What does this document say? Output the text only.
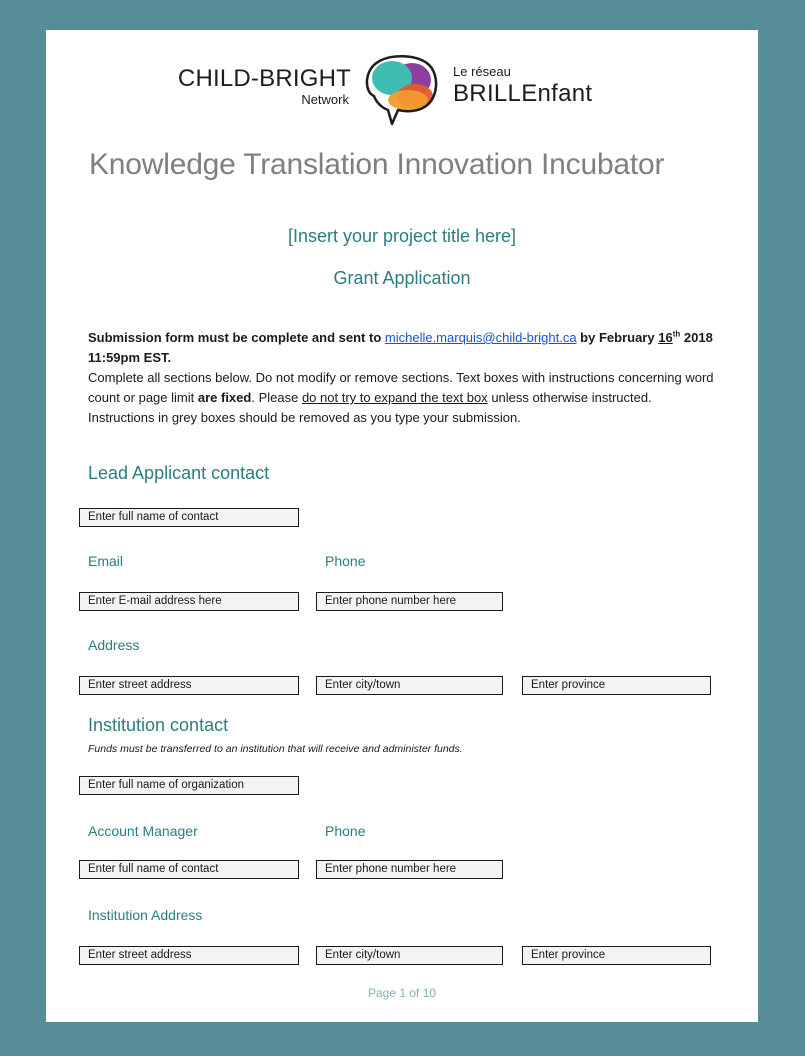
CHILD-BRIGHT
Network
Le réseau
BRILLEnfant
Knowledge Translation Innovation Incubator
[Insert your project title here]
Grant Application
Submission form must be complete and sent to michelle.marquis@child-bright.ca by February 16th 2018 11:59pm EST.
Complete all sections below. Do not modify or remove sections. Text boxes with instructions concerning word count or page limit are fixed. Please do not try to expand the text box unless otherwise instructed. Instructions in grey boxes should be removed as you type your submission.
Lead Applicant contact
Enter full name of contact
Email	Phone
Enter E-mail address here	Enter phone number here
Address
Enter street address	Enter city/town	Enter province
Institution contact
Funds must be transferred to an institution that will receive and administer funds.
Enter full name of organization
Account Manager	Phone
Enter full name of contact	Enter phone number here
Institution Address
Enter street address	Enter city/town	Enter province
Page 1 of 10
